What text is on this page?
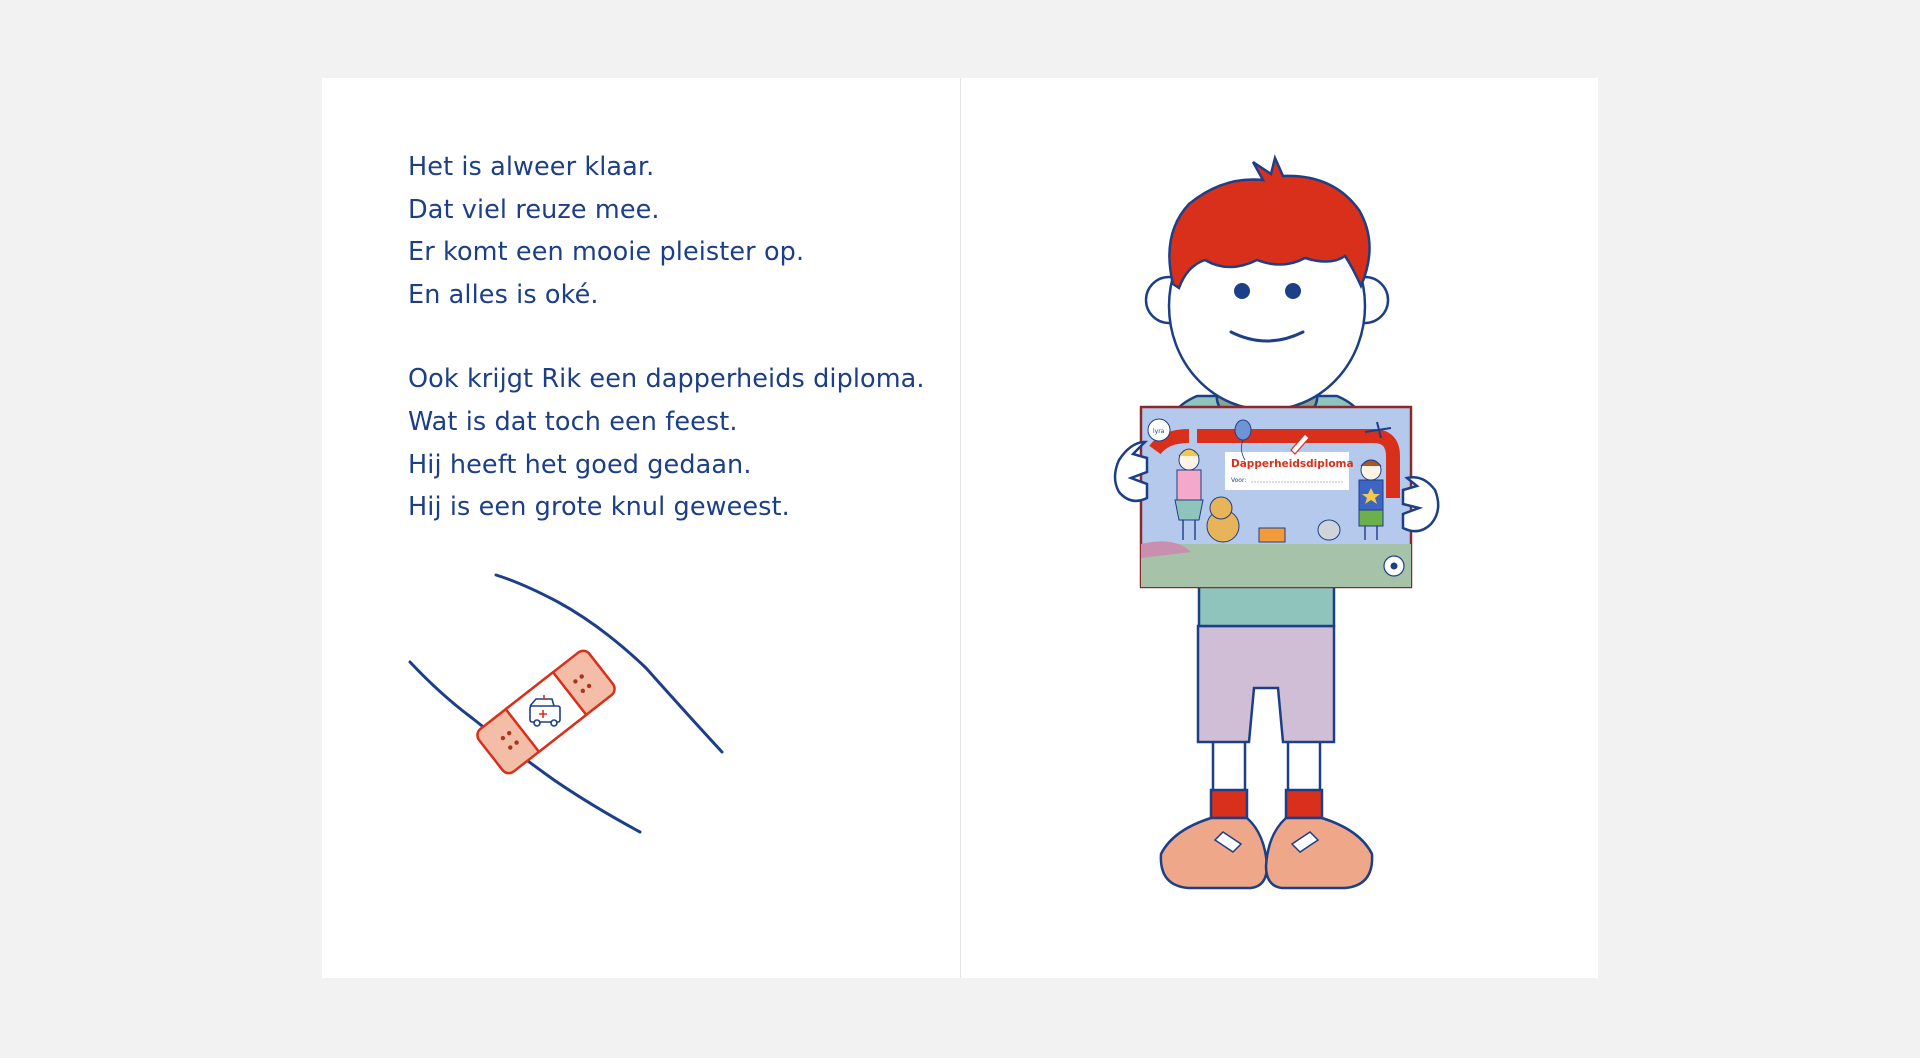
Het is alweer klaar.
Dat viel reuze mee.
Er komt een mooie pleister op.
En alles is oké.
Ook krijgt Rik een dapperheids diploma.
Wat is dat toch een feest.
Hij heeft het goed gedaan.
Hij is een grote knul geweest.
Dapperheidsdiploma
Voor:
lyra
